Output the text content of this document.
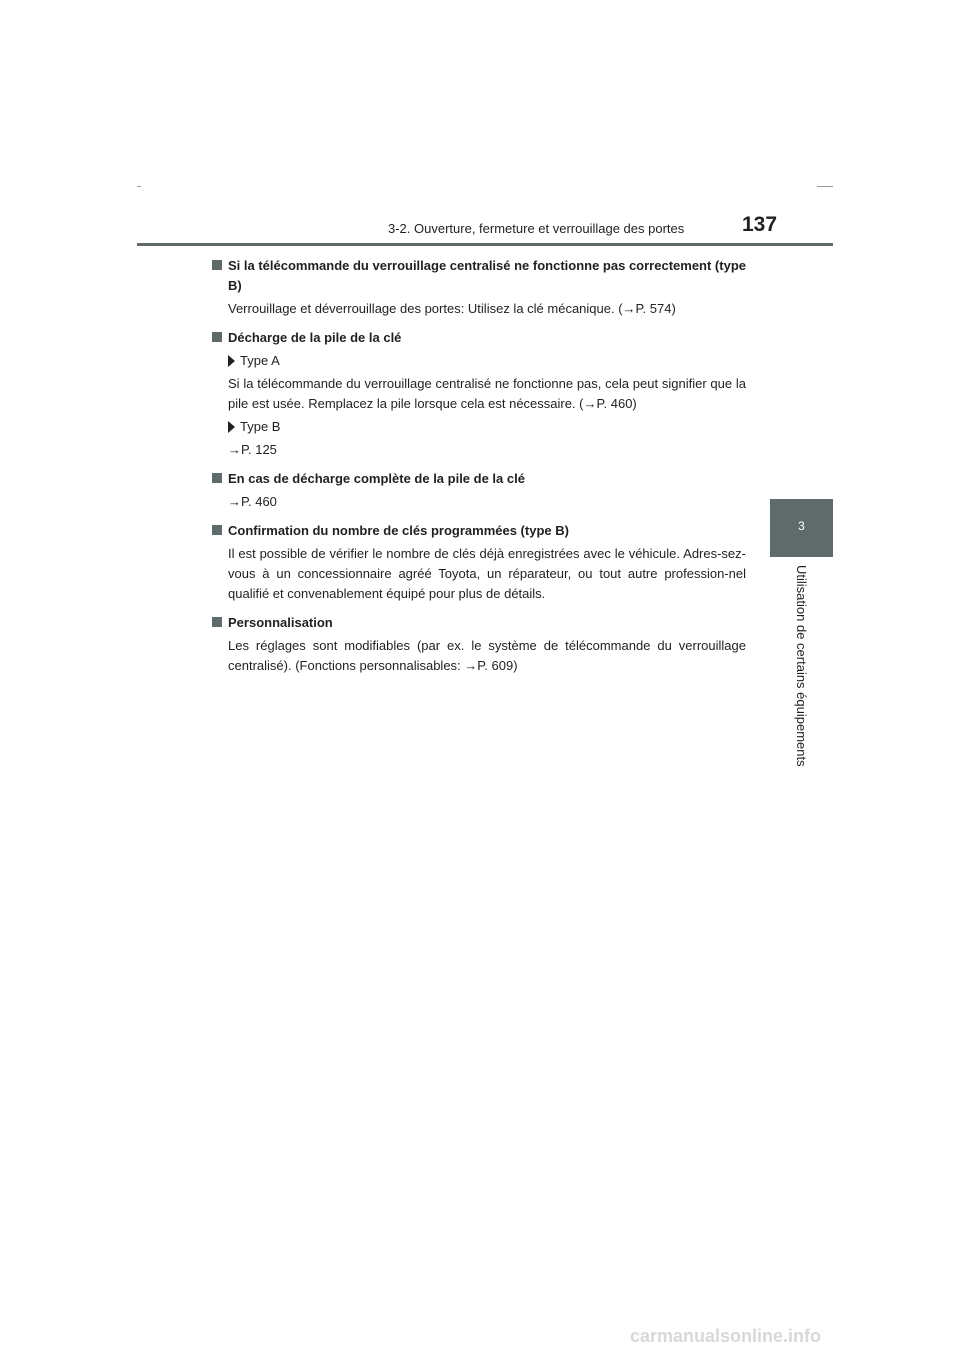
3-2. Ouverture, fermeture et verrouillage des portes	137
3
Utilisation de certains équipements
Si la télécommande du verrouillage centralisé ne fonctionne pas correctement (type B)
Verrouillage et déverrouillage des portes: Utilisez la clé mécanique. (→P. 574)
Décharge de la pile de la clé
Type A
Si la télécommande du verrouillage centralisé ne fonctionne pas, cela peut signifier que la pile est usée. Remplacez la pile lorsque cela est nécessaire. (→P. 460)
Type B
→P. 125
En cas de décharge complète de la pile de la clé
→P. 460
Confirmation du nombre de clés programmées (type B)
Il est possible de vérifier le nombre de clés déjà enregistrées avec le véhicule. Adres-sez-vous à un concessionnaire agréé Toyota, un réparateur, ou tout autre profession-nel qualifié et convenablement équipé pour plus de détails.
Personnalisation
Les réglages sont modifiables (par ex. le système de télécommande du verrouillage centralisé). (Fonctions personnalisables: →P. 609)
carmanualsonline.info
